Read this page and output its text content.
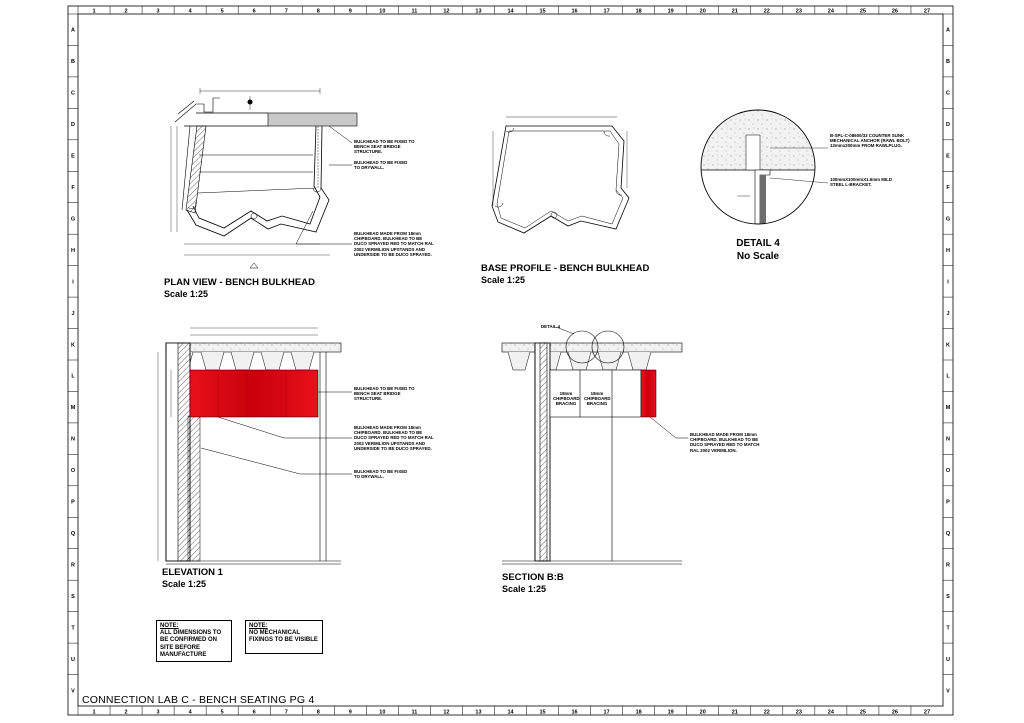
1
1
2
2
3
3
4
4
5
5
6
6
7
7
8
8
9
9
10
10
11
11
12
12
13
13
14
14
15
15
16
16
17
17
18
18
19
19
20
20
21
21
22
22
23
23
24
24
25
25
26
26
27
27
A	A
B	B
C	C
D	D
E	E
F	F
G	G
H	H
I	I
J	J
K	K
L	L
M	M
N	N
O	O
P	P
Q	Q
R	R
S	S
T	T
U	U
V	V
PLAN VIEW - BENCH BULKHEAD
Scale 1:25
BULKHEAD TO BE FIXED TO BENCH SEAT BRIDGE STRUCTURE.
BULKHEAD TO BE FIXED TO DRYWALL.
BULKHEAD MADE FROM 18mm CHIPBOARD. BULKHEAD TO BE DUCO SPRAYED RED TO MATCH RAL 2002 VERMILION UPSTANDS AND UNDERSIDE TO BE DUCO SPRAYED.
BASE PROFILE - BENCH BULKHEAD
Scale 1:25
B-SPL-C-08600/33 COUNTER SUNK MECHANICAL ANCHOR (RAWL BOLT) 12mmx200mm FROM RAWLPLUG.
100mmX100mmX1.6mm MILD STEEL L-BRACKET.
DETAIL 4
No Scale
BULKHEAD TO BE FIXED TO BENCH SEAT BRIDGE STRUCTURE.
BULKHEAD MADE FROM 18mm CHIPBOARD. BULKHEAD TO BE DUCO SPRAYED RED TO MATCH RAL 2002 VERMILION UPSTANDS AND UNDERSIDE TO BE DUCO SPRAYED.
BULKHEAD TO BE FIXED TO DRYWALL.
ELEVATION 1
Scale 1:25
DETAIL 4
18mm CHIPBOARD BRACING
18mm CHIPBOARD BRACING
BULKHEAD MADE FROM 18mm CHIPBOARD. BULKHEAD TO BE DUCO SPRAYED RED TO MATCH RAL 2002 VERMILION.
SECTION B:B
Scale 1:25
NOTE:
ALL DIMENSIONS TO BE CONFIRMED ON SITE BEFORE MANUFACTURE
NOTE:
NO MECHANICAL FIXINGS TO BE VISIBLE
CONNECTION LAB C - BENCH SEATING PG 4
